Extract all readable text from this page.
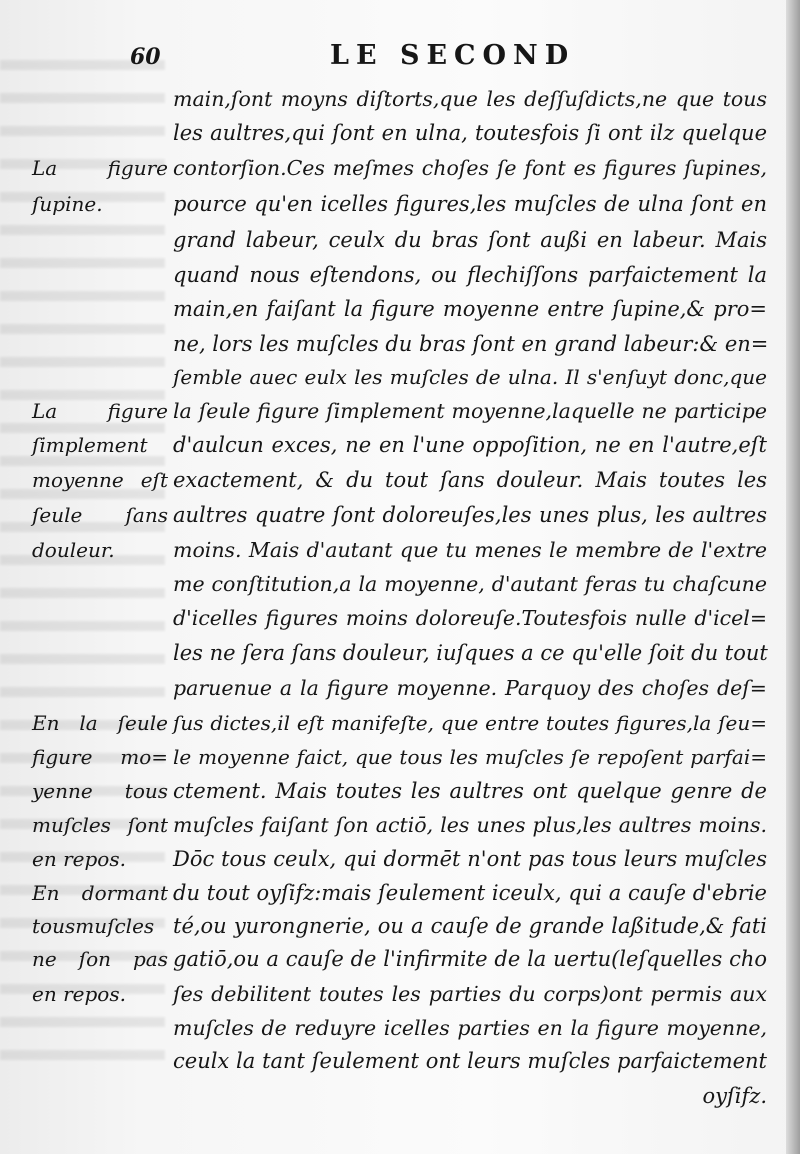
60	LE SECOND
main,ſont moyns diſtorts,que les deſſuſdicts,ne que tous
les aultres,qui ſont en ulna, toutesfois ſi ont ilz quelque
contorſion.Ces meſmes choſes ſe font es figures ſupines,
pource qu'en icelles figures,les muſcles de ulna ſont en
grand labeur, ceulx du bras ſont außi en labeur. Mais
quand nous eſtendons, ou flechiſſons parfaictement la
main,en faiſant la figure moyenne entre ſupine,& pro=
ne, lors les muſcles du bras ſont en grand labeur:& en=
ſemble auec eulx les muſcles de ulna. Il s'enſuyt donc,que
la ſeule figure ſimplement moyenne,laquelle ne participe
d'aulcun exces, ne en l'une oppoſition, ne en l'autre,eſt
exactement, & du tout ſans douleur. Mais toutes les
aultres quatre ſont doloreuſes,les unes plus, les aultres
moins. Mais d'autant que tu menes le membre de l'extre
me conſtitution,a la moyenne, d'autant feras tu chaſcune
d'icelles figures moins doloreuſe.Toutesfois nulle d'icel=
les ne ſera ſans douleur, iuſques a ce qu'elle ſoit du tout
paruenue a la figure moyenne. Parquoy des choſes deſ=
ſus dictes,il eſt manifeſte, que entre toutes figures,la ſeu=
le moyenne faict, que tous les muſcles ſe repoſent parfai=
ctement. Mais toutes les aultres ont quelque genre de
muſcles faiſant ſon actiō, les unes plus,les aultres moins.
Dōc tous ceulx, qui dormēt n'ont pas tous leurs muſcles
du tout oyſifz:mais ſeulement iceulx, qui a cauſe d'ebrie
té,ou yurongnerie, ou a cauſe de grande laßitude,& fati
gatiō,ou a cauſe de l'infirmite de la uertu(leſquelles cho
ſes debilitent toutes les parties du corps)ont permis aux
muſcles de reduyre icelles parties en la figure moyenne,
ceulx la tant ſeulement ont leurs muſcles parfaictement
oyſifz.
La figure
ſupine.
La figure
ſimplement
moyenne eſt
ſeule ſans
douleur.
En la ſeule
figure mo=
yenne tous
muſcles ſont
en repos.
En dormant
tousmuſcles
ne ſon pas
en repos.
